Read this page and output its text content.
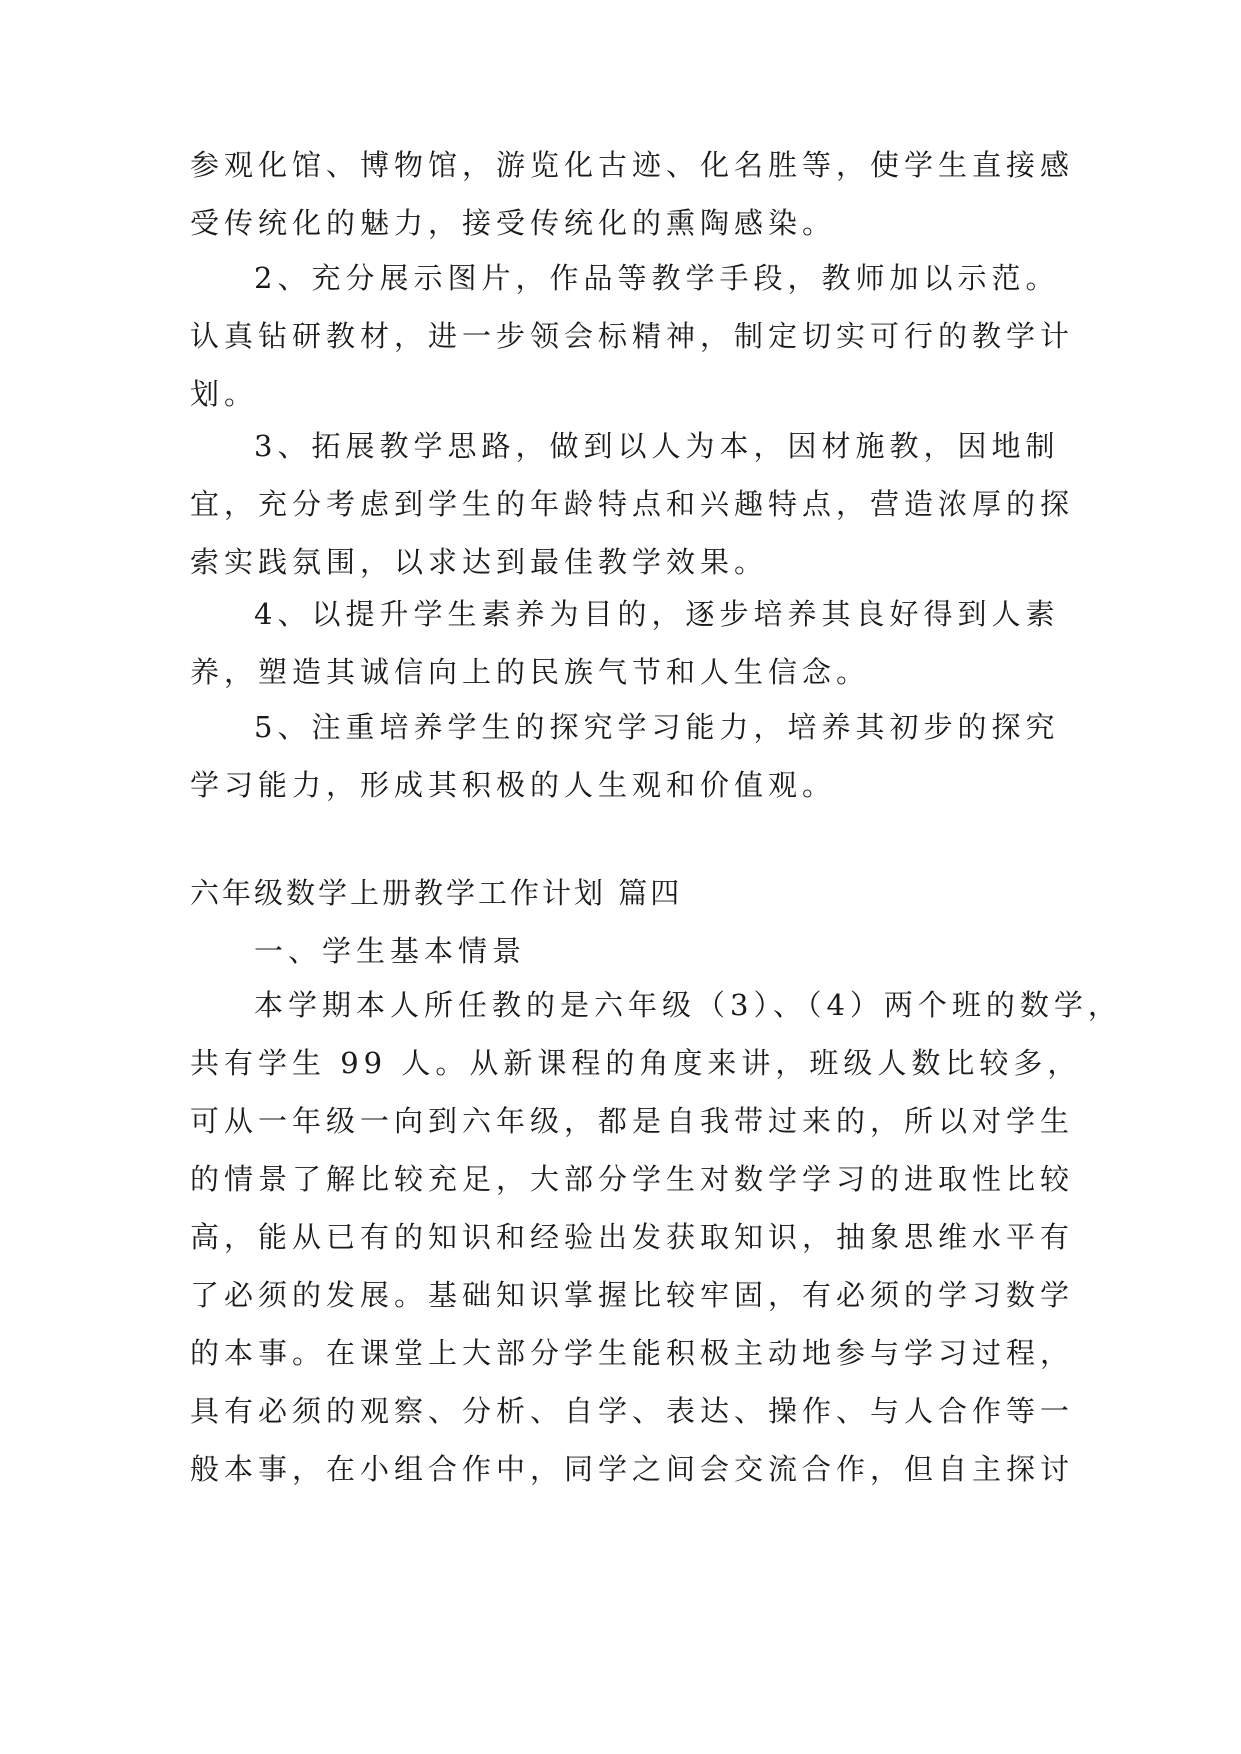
参观化馆、博物馆，游览化古迹、化名胜等，使学生直接感
受传统化的魅力，接受传统化的熏陶感染。
2、充分展示图片，作品等教学手段，教师加以示范。
认真钻研教材，进一步领会标精神，制定切实可行的教学计
划。
3、拓展教学思路，做到以人为本，因材施教，因地制
宜，充分考虑到学生的年龄特点和兴趣特点，营造浓厚的探
索实践氛围，以求达到最佳教学效果。
4、以提升学生素养为目的，逐步培养其良好得到人素
养，塑造其诚信向上的民族气节和人生信念。
5、注重培养学生的探究学习能力，培养其初步的探究
学习能力，形成其积极的人生观和价值观。
六年级数学上册教学工作计划 篇四
一、学生基本情景
本学期本人所任教的是六年级（3）、（4）两个班的数学，
共有学生 99 人。从新课程的角度来讲，班级人数比较多，
可从一年级一向到六年级，都是自我带过来的，所以对学生
的情景了解比较充足，大部分学生对数学学习的进取性比较
高，能从已有的知识和经验出发获取知识，抽象思维水平有
了必须的发展。基础知识掌握比较牢固，有必须的学习数学
的本事。在课堂上大部分学生能积极主动地参与学习过程，
具有必须的观察、分析、自学、表达、操作、与人合作等一
般本事，在小组合作中，同学之间会交流合作，但自主探讨
